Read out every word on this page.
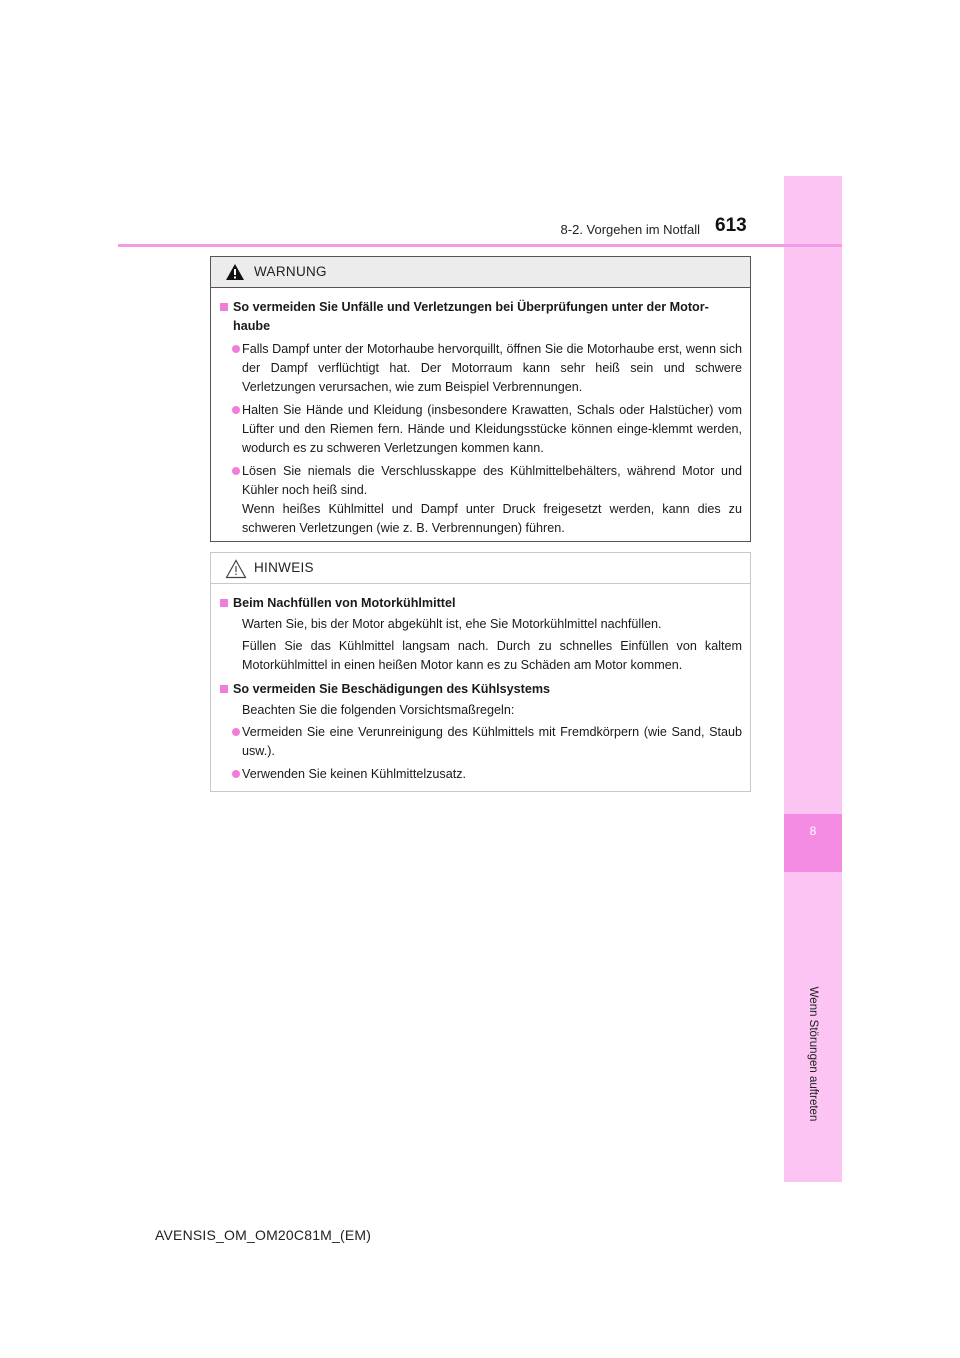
8
Wenn Störungen auftreten
8-2. Vorgehen im Notfall 613
WARNUNG
So vermeiden Sie Unfälle und Verletzungen bei Überprüfungen unter der Motor-haube
Falls Dampf unter der Motorhaube hervorquillt, öffnen Sie die Motorhaube erst, wenn sich der Dampf verflüchtigt hat. Der Motorraum kann sehr heiß sein und schwere Verletzungen verursachen, wie zum Beispiel Verbrennungen.
Halten Sie Hände und Kleidung (insbesondere Krawatten, Schals oder Halstücher) vom Lüfter und den Riemen fern. Hände und Kleidungsstücke können einge-klemmt werden, wodurch es zu schweren Verletzungen kommen kann.
Lösen Sie niemals die Verschlusskappe des Kühlmittelbehälters, während Motor und Kühler noch heiß sind.
Wenn heißes Kühlmittel und Dampf unter Druck freigesetzt werden, kann dies zu schweren Verletzungen (wie z. B. Verbrennungen) führen.
HINWEIS
Beim Nachfüllen von Motorkühlmittel
Warten Sie, bis der Motor abgekühlt ist, ehe Sie Motorkühlmittel nachfüllen.
Füllen Sie das Kühlmittel langsam nach. Durch zu schnelles Einfüllen von kaltem Motorkühlmittel in einen heißen Motor kann es zu Schäden am Motor kommen.
So vermeiden Sie Beschädigungen des Kühlsystems
Beachten Sie die folgenden Vorsichtsmaßregeln:
Vermeiden Sie eine Verunreinigung des Kühlmittels mit Fremdkörpern (wie Sand, Staub usw.).
Verwenden Sie keinen Kühlmittelzusatz.
AVENSIS_OM_OM20C81M_(EM)
